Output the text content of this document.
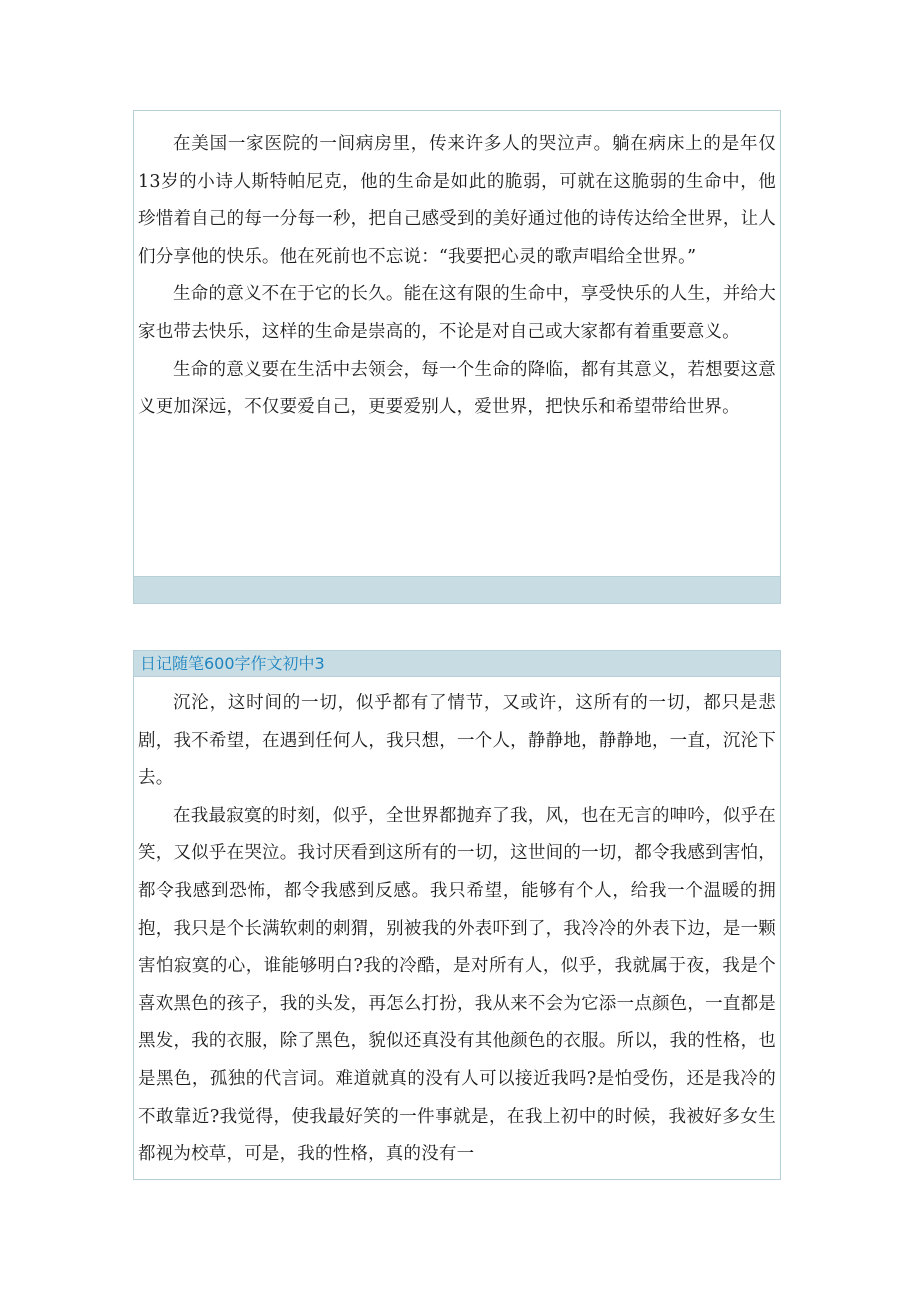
在美国一家医院的一间病房里，传来许多人的哭泣声。躺在病床上的是年仅13岁的小诗人斯特帕尼克，他的生命是如此的脆弱，可就在这脆弱的生命中，他珍惜着自己的每一分每一秒，把自己感受到的美好通过他的诗传达给全世界，让人们分享他的快乐。他在死前也不忘说：“我要把心灵的歌声唱给全世界。”

生命的意义不在于它的长久。能在这有限的生命中，享受快乐的人生，并给大家也带去快乐，这样的生命是崇高的，不论是对自己或大家都有着重要意义。

生命的意义要在生活中去领会，每一个生命的降临，都有其意义，若想要这意义更加深远，不仅要爱自己，更要爱别人，爱世界，把快乐和希望带给世界。

日记随笔600字作文初中3

沉沦，这时间的一切，似乎都有了情节，又或许，这所有的一切，都只是悲剧，我不希望，在遇到任何人，我只想，一个人，静静地，静静地，一直，沉沦下去。

在我最寂寞的时刻，似乎，全世界都抛弃了我，风，也在无言的呻吟，似乎在笑，又似乎在哭泣。我讨厌看到这所有的一切，这世间的一切，都令我感到害怕，都令我感到恐怖，都令我感到反感。我只希望，能够有个人，给我一个温暖的拥抱，我只是个长满软刺的刺猬，别被我的外表吓到了，我冷冷的外表下边，是一颗害怕寂寞的心，谁能够明白?我的冷酷，是对所有人，似乎，我就属于夜，我是个喜欢黑色的孩子，我的头发，再怎么打扮，我从来不会为它添一点颜色，一直都是黑发，我的衣服，除了黑色，貌似还真没有其他颜色的衣服。所以，我的性格，也是黑色，孤独的代言词。难道就真的没有人可以接近我吗?是怕受伤，还是我冷的不敢靠近?我觉得，使我最好笑的一件事就是，在我上初中的时候，我被好多女生都视为校草，可是，我的性格，真的没有一
